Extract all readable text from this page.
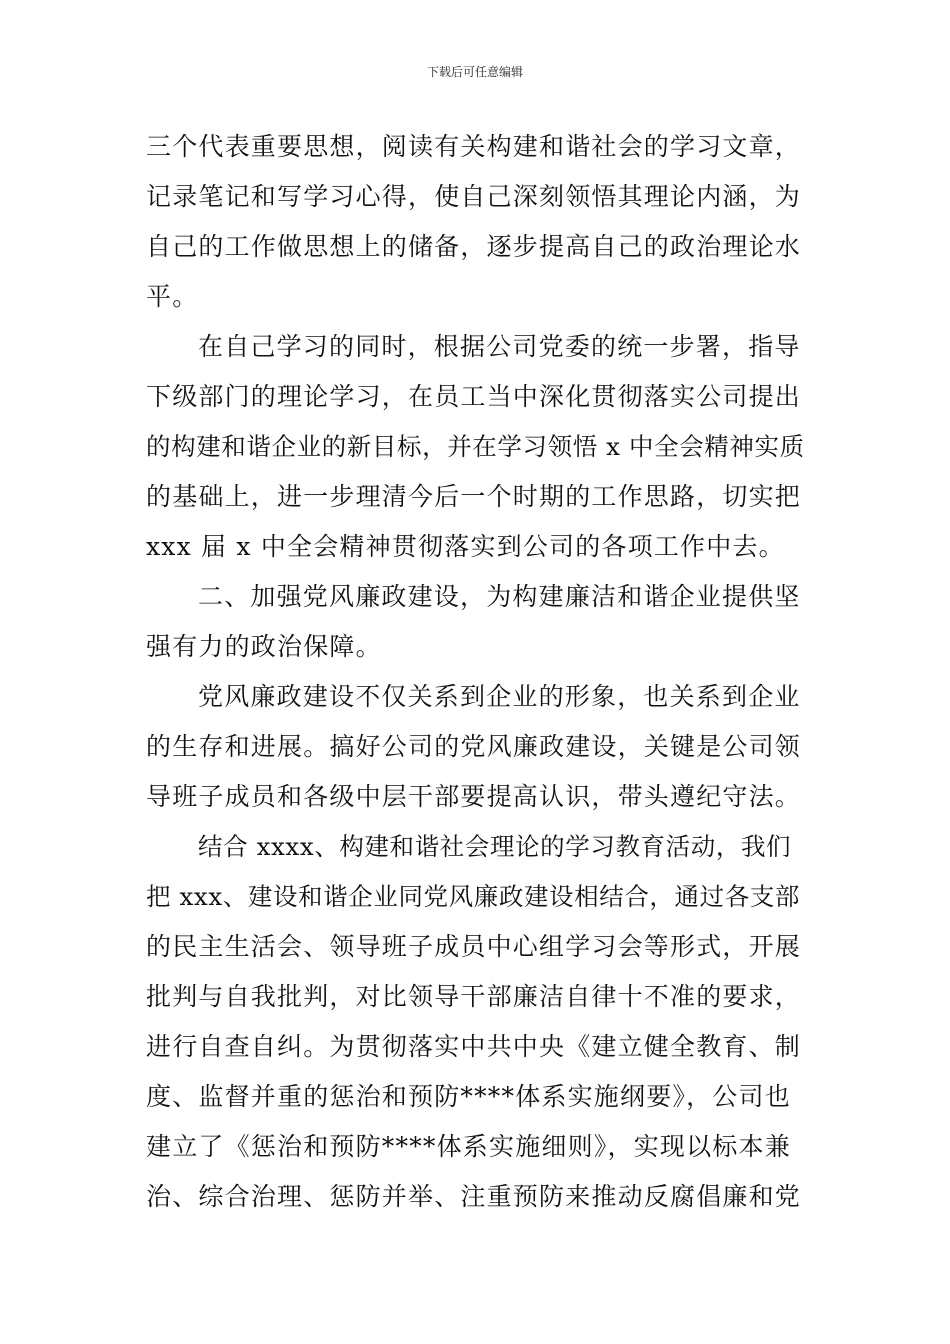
下载后可任意编辑
三个代表重要思想，阅读有关构建和谐社会的学习文章，
记录笔记和写学习心得，使自己深刻领悟其理论内涵，为
自己的工作做思想上的储备，逐步提高自己的政治理论水
平。
在自己学习的同时，根据公司党委的统一步署，指导
下级部门的理论学习，在员工当中深化贯彻落实公司提出
的构建和谐企业的新目标，并在学习领悟 x 中全会精神实质
的基础上，进一步理清今后一个时期的工作思路，切实把
xxx 届 x 中全会精神贯彻落实到公司的各项工作中去。
二、加强党风廉政建设，为构建廉洁和谐企业提供坚
强有力的政治保障。
党风廉政建设不仅关系到企业的形象，也关系到企业
的生存和进展。搞好公司的党风廉政建设，关键是公司领
导班子成员和各级中层干部要提高认识，带头遵纪守法。
结合 xxxx、构建和谐社会理论的学习教育活动，我们
把 xxx、建设和谐企业同党风廉政建设相结合，通过各支部
的民主生活会、领导班子成员中心组学习会等形式，开展
批判与自我批判，对比领导干部廉洁自律十不准的要求，
进行自查自纠。为贯彻落实中共中央《建立健全教育、制
度、监督并重的惩治和预防****体系实施纲要》，公司也
建立了《惩治和预防****体系实施细则》，实现以标本兼
治、综合治理、惩防并举、注重预防来推动反腐倡廉和党
